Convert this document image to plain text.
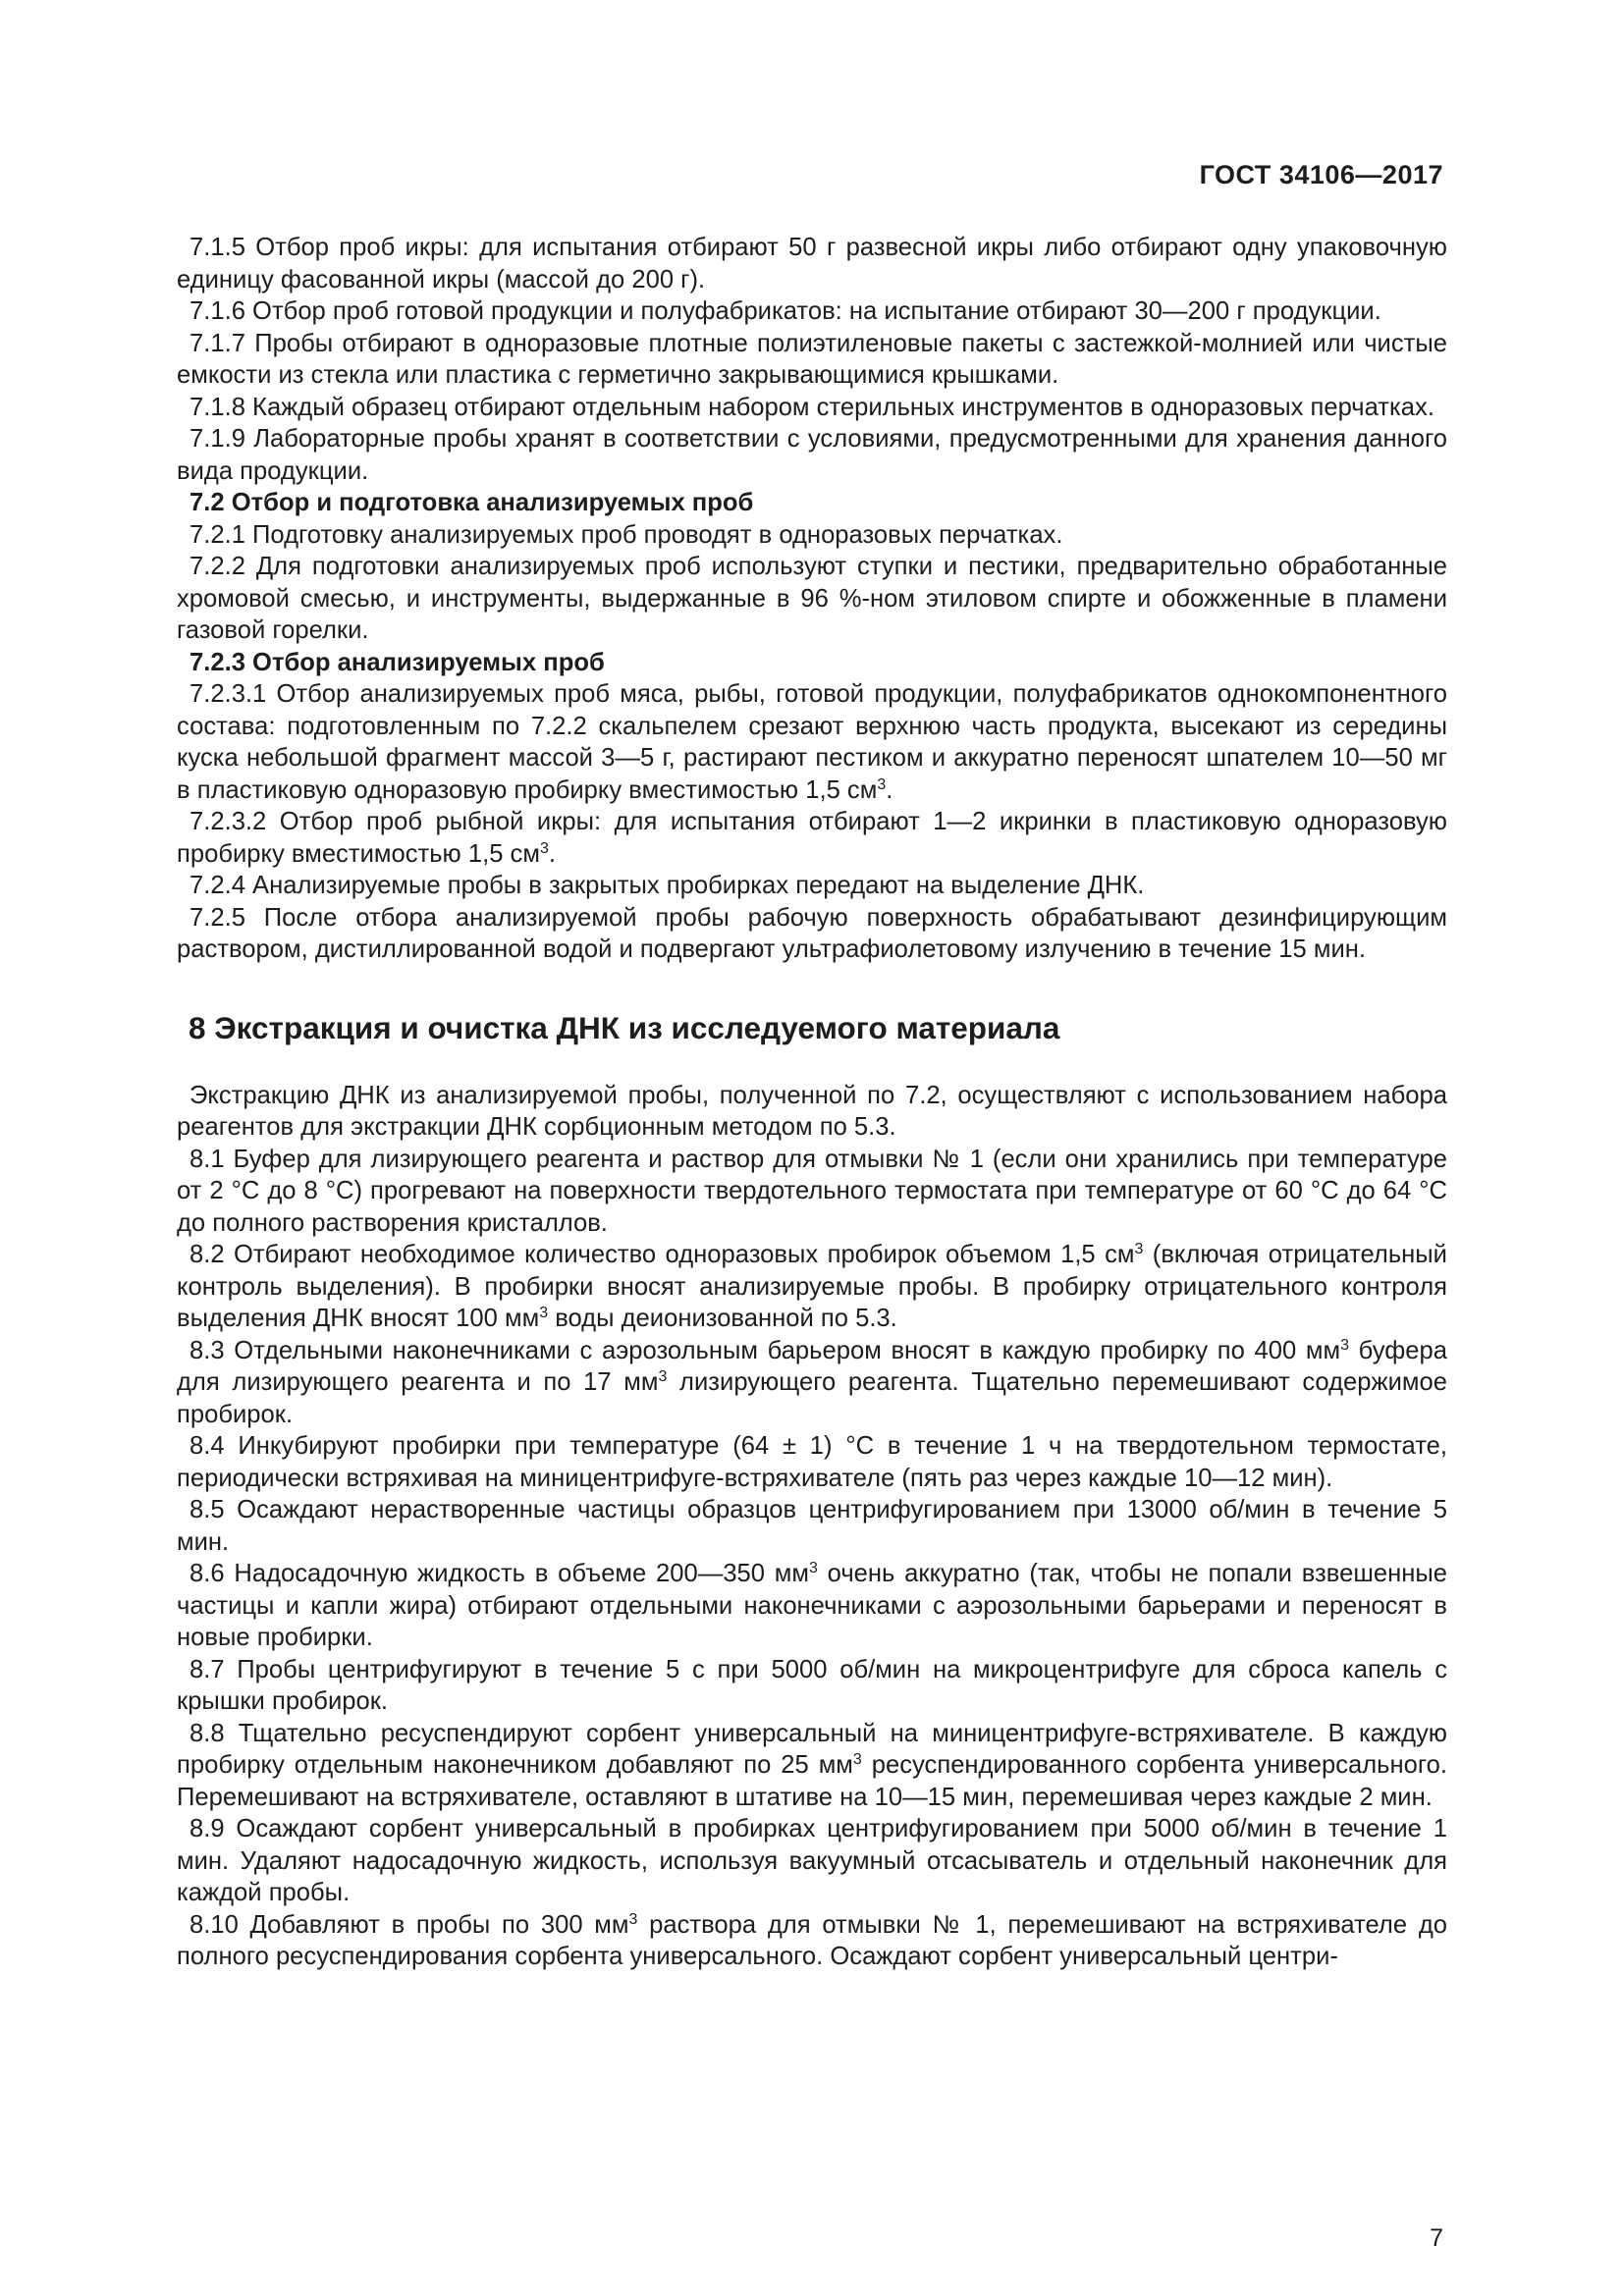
ГОСТ 34106—2017

7.1.5 Отбор проб икры: для испытания отбирают 50 г развесной икры либо отбирают одну упаковочную единицу фасованной икры (массой до 200 г).

7.1.6 Отбор проб готовой продукции и полуфабрикатов: на испытание отбирают 30—200 г продукции.

7.1.7 Пробы отбирают в одноразовые плотные полиэтиленовые пакеты с застежкой-молнией или чистые емкости из стекла или пластика с герметично закрывающимися крышками.

7.1.8 Каждый образец отбирают отдельным набором стерильных инструментов в одноразовых перчатках.

7.1.9 Лабораторные пробы хранят в соответствии с условиями, предусмотренными для хранения данного вида продукции.

7.2 Отбор и подготовка анализируемых проб

7.2.1 Подготовку анализируемых проб проводят в одноразовых перчатках.

7.2.2 Для подготовки анализируемых проб используют ступки и пестики, предварительно обработанные хромовой смесью, и инструменты, выдержанные в 96 %-ном этиловом спирте и обожженные в пламени газовой горелки.

7.2.3 Отбор анализируемых проб

7.2.3.1 Отбор анализируемых проб мяса, рыбы, готовой продукции, полуфабрикатов однокомпонентного состава: подготовленным по 7.2.2 скальпелем срезают верхнюю часть продукта, высекают из середины куска небольшой фрагмент массой 3—5 г, растирают пестиком и аккуратно переносят шпателем 10—50 мг в пластиковую одноразовую пробирку вместимостью 1,5 $см^3$.

7.2.3.2 Отбор проб рыбной икры: для испытания отбирают 1—2 икринки в пластиковую одноразовую пробирку вместимостью 1,5 $см^3$.

7.2.4 Анализируемые пробы в закрытых пробирках передают на выделение ДНК.

7.2.5 После отбора анализируемой пробы рабочую поверхность обрабатывают дезинфицирующим раствором, дистиллированной водой и подвергают ультрафиолетовому излучению в течение 15 мин.

8 Экстракция и очистка ДНК из исследуемого материала

Экстракцию ДНК из анализируемой пробы, полученной по 7.2, осуществляют с использованием набора реагентов для экстракции ДНК сорбционным методом по 5.3.

8.1 Буфер для лизирующего реагента и раствор для отмывки № 1 (если они хранились при температуре от 2 °С до 8 °С) прогревают на поверхности твердотельного термостата при температуре от 60 °С до 64 °С до полного растворения кристаллов.

8.2 Отбирают необходимое количество одноразовых пробирок объемом 1,5 $см^3$ (включая отрицательный контроль выделения). В пробирки вносят анализируемые пробы. В пробирку отрицательного контроля выделения ДНК вносят 100 $мм^3$ воды деионизованной по 5.3.

8.3 Отдельными наконечниками с аэрозольным барьером вносят в каждую пробирку по 400 $мм^3$ буфера для лизирующего реагента и по 17 $мм^3$ лизирующего реагента. Тщательно перемешивают содержимое пробирок.

8.4 Инкубируют пробирки при температуре (64 ± 1) °С в течение 1 ч на твердотельном термостате, периодически встряхивая на миницентрифуге-встряхивателе (пять раз через каждые 10—12 мин).

8.5 Осаждают нерастворенные частицы образцов центрифугированием при 13000 об/мин в течение 5 мин.

8.6 Надосадочную жидкость в объеме 200—350 $мм^3$ очень аккуратно (так, чтобы не попали взвешенные частицы и капли жира) отбирают отдельными наконечниками с аэрозольными барьерами и переносят в новые пробирки.

8.7 Пробы центрифугируют в течение 5 с при 5000 об/мин на микроцентрифуге для сброса капель с крышки пробирок.

8.8 Тщательно ресуспендируют сорбент универсальный на миницентрифуге-встряхивателе. В каждую пробирку отдельным наконечником добавляют по 25 $мм^3$ ресуспендированного сорбента универсального. Перемешивают на встряхивателе, оставляют в штативе на 10—15 мин, перемешивая через каждые 2 мин.

8.9 Осаждают сорбент универсальный в пробирках центрифугированием при 5000 об/мин в течение 1 мин. Удаляют надосадочную жидкость, используя вакуумный отсасыватель и отдельный наконечник для каждой пробы.

8.10 Добавляют в пробы по 300 $мм^3$ раствора для отмывки № 1, перемешивают на встряхивателе до полного ресуспендирования сорбента универсального. Осаждают сорбент универсальный центри-

7
